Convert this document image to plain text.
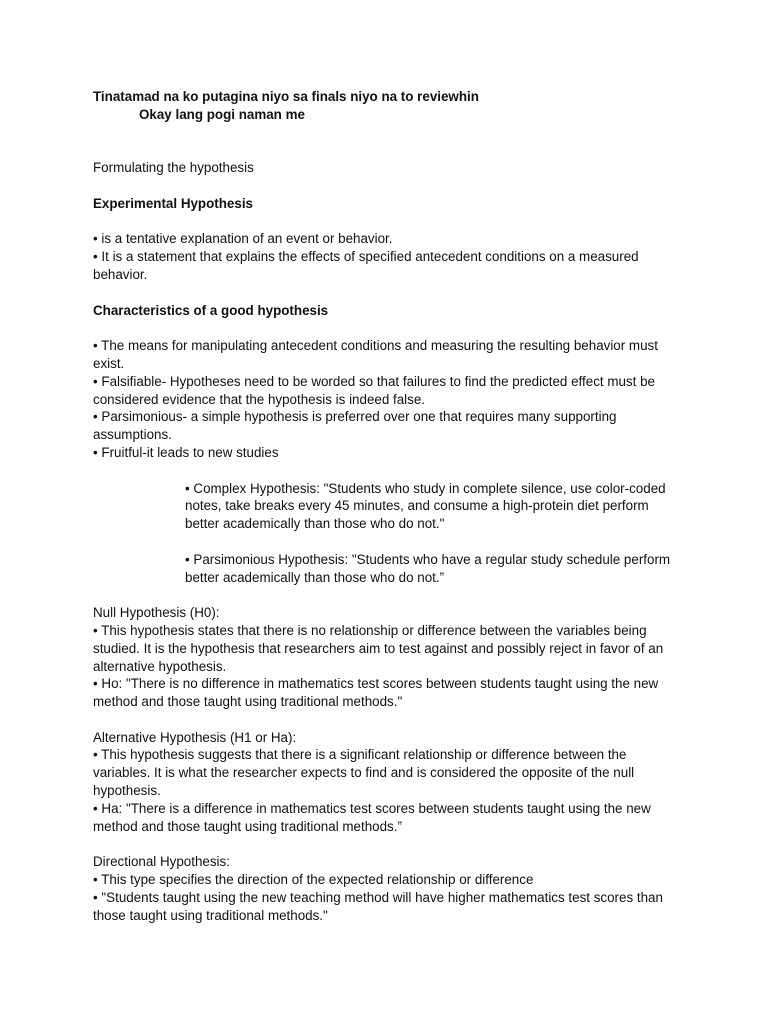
Tinatamad na ko putagina niyo sa finals niyo na to reviewhin

Okay lang pogi naman me

Formulating the hypothesis

Experimental Hypothesis

• is a tentative explanation of an event or behavior.

• It is a statement that explains the effects of specified antecedent conditions on a measured behavior.

Characteristics of a good hypothesis

• The means for manipulating antecedent conditions and measuring the resulting behavior must exist.

• Falsifiable- Hypotheses need to be worded so that failures to find the predicted effect must be considered evidence that the hypothesis is indeed false.

• Parsimonious- a simple hypothesis is preferred over one that requires many supporting assumptions.

• Fruitful-it leads to new studies

• Complex Hypothesis: "Students who study in complete silence, use color-coded notes, take breaks every 45 minutes, and consume a high-protein diet perform better academically than those who do not."

• Parsimonious Hypothesis: "Students who have a regular study schedule perform better academically than those who do not.”

Null Hypothesis (H0):

• This hypothesis states that there is no relationship or difference between the variables being studied. It is the hypothesis that researchers aim to test against and possibly reject in favor of an alternative hypothesis.

• Ho: "There is no difference in mathematics test scores between students taught using the new method and those taught using traditional methods."

Alternative Hypothesis (H1 or Ha):

• This hypothesis suggests that there is a significant relationship or difference between the variables. It is what the researcher expects to find and is considered the opposite of the null hypothesis.

• Ha: "There is a difference in mathematics test scores between students taught using the new method and those taught using traditional methods.”

Directional Hypothesis:

• This type specifies the direction of the expected relationship or difference

• "Students taught using the new teaching method will have higher mathematics test scores than those taught using traditional methods."
